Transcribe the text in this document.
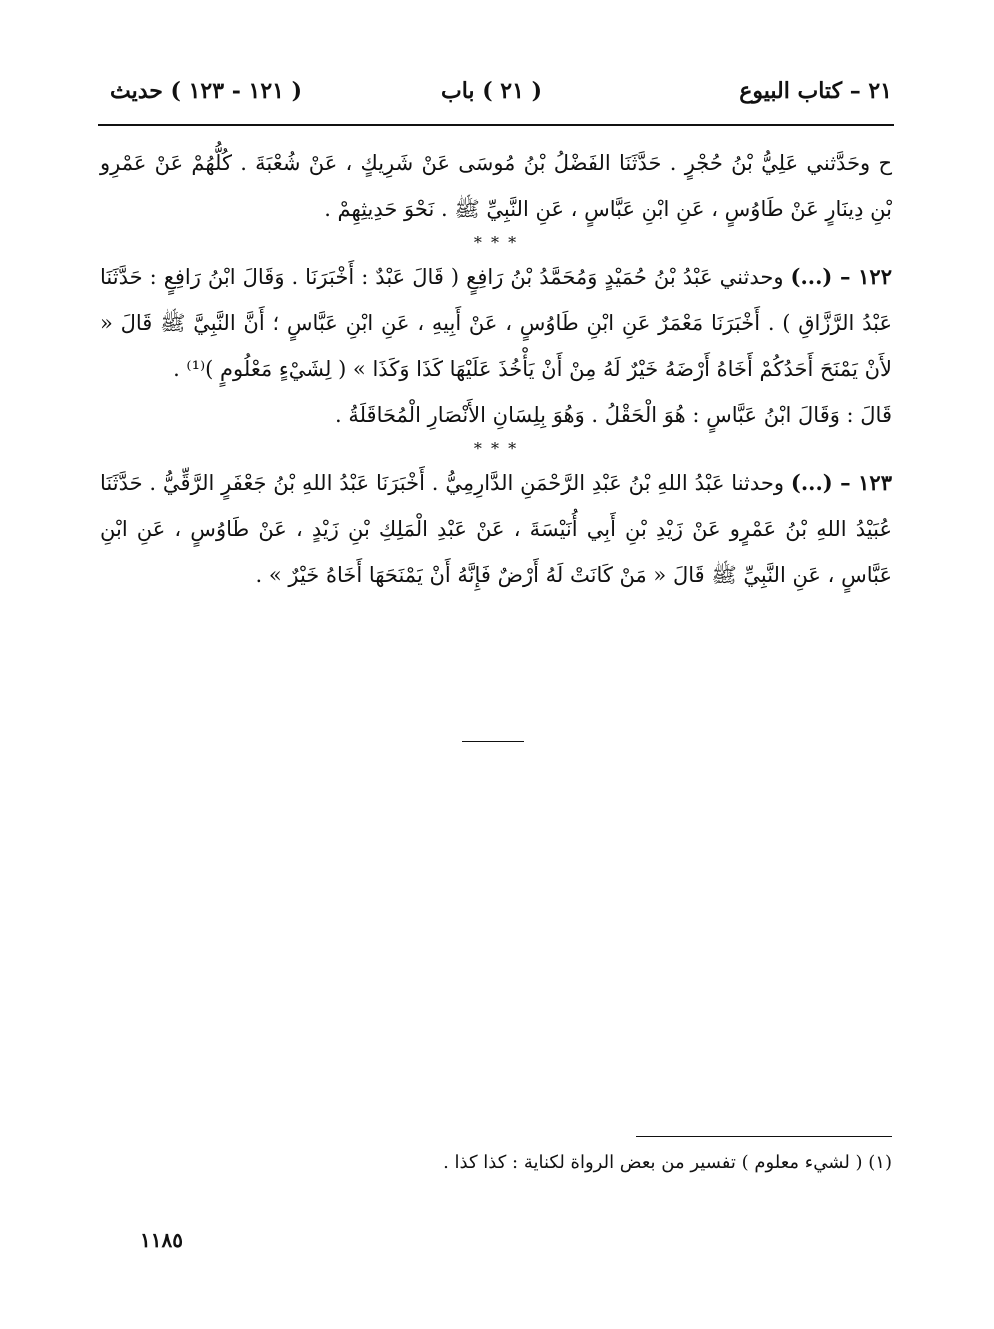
٢١ – كتاب البيوع
( ٢١ ) باب
( ١٢١ - ١٢٣ ) حديث

ح وحَدَّثني عَلِيُّ بْنُ حُجْرٍ . حَدَّثَنَا الفَضْلُ بْنُ مُوسَى عَنْ شَرِيكٍ ، عَنْ شُعْبَةَ . كُلُّهُمْ عَنْ عَمْرِو بْنِ دِينَارٍ عَنْ طَاوُسٍ ، عَنِ ابْنِ عَبَّاسٍ ، عَنِ النَّبِيِّ ﷺ . نَحْوَ حَدِيثِهِمْ .

* * *

١٢٢ – (...) وحدثني عَبْدُ بْنُ حُمَيْدٍ وَمُحَمَّدُ بْنُ رَافِعٍ ( قَالَ عَبْدٌ : أَخْبَرَنَا . وَقَالَ ابْنُ رَافِعٍ : حَدَّثَنَا عَبْدُ الرَّزَّاقِ ) . أَخْبَرَنَا مَعْمَرٌ عَنِ ابْنِ طَاوُسٍ ، عَنْ أَبِيهِ ، عَنِ ابْنِ عَبَّاسٍ ؛ أَنَّ النَّبِيَّ ﷺ قَالَ « لأَنْ يَمْنَحَ أَحَدُكُمْ أَخَاهُ أَرْضَهُ خَيْرٌ لَهُ مِنْ أَنْ يَأْخُذَ عَلَيْهَا كَذَا وَكَذَا » ( لِشَيْءٍ مَعْلُومٍ )⁽¹⁾ .

قَالَ : وَقَالَ ابْنُ عَبَّاسٍ : هُوَ الْحَقْلُ . وَهُوَ بِلِسَانِ الأَنْصَارِ الْمُحَاقَلَةُ .

* * *

١٢٣ – (...) وحدثنا عَبْدُ اللهِ بْنُ عَبْدِ الرَّحْمَنِ الدَّارِمِيُّ . أَخْبَرَنَا عَبْدُ اللهِ بْنُ جَعْفَرٍ الرَّقِّيُّ . حَدَّثَنَا عُبَيْدُ اللهِ بْنُ عَمْرٍو عَنْ زَيْدِ بْنِ أَبِي أُنَيْسَةَ ، عَنْ عَبْدِ الْمَلِكِ بْنِ زَيْدٍ ، عَنْ طَاوُسٍ ، عَنِ ابْنِ عَبَّاسٍ ، عَنِ النَّبِيِّ ﷺ قَالَ « مَنْ كَانَتْ لَهُ أَرْضٌ فَإِنَّهُ أَنْ يَمْنَحَهَا أَخَاهُ خَيْرٌ » .

(١) ( لشيء معلوم ) تفسير من بعض الرواة لكناية : كذا كذا .
١١٨٥
